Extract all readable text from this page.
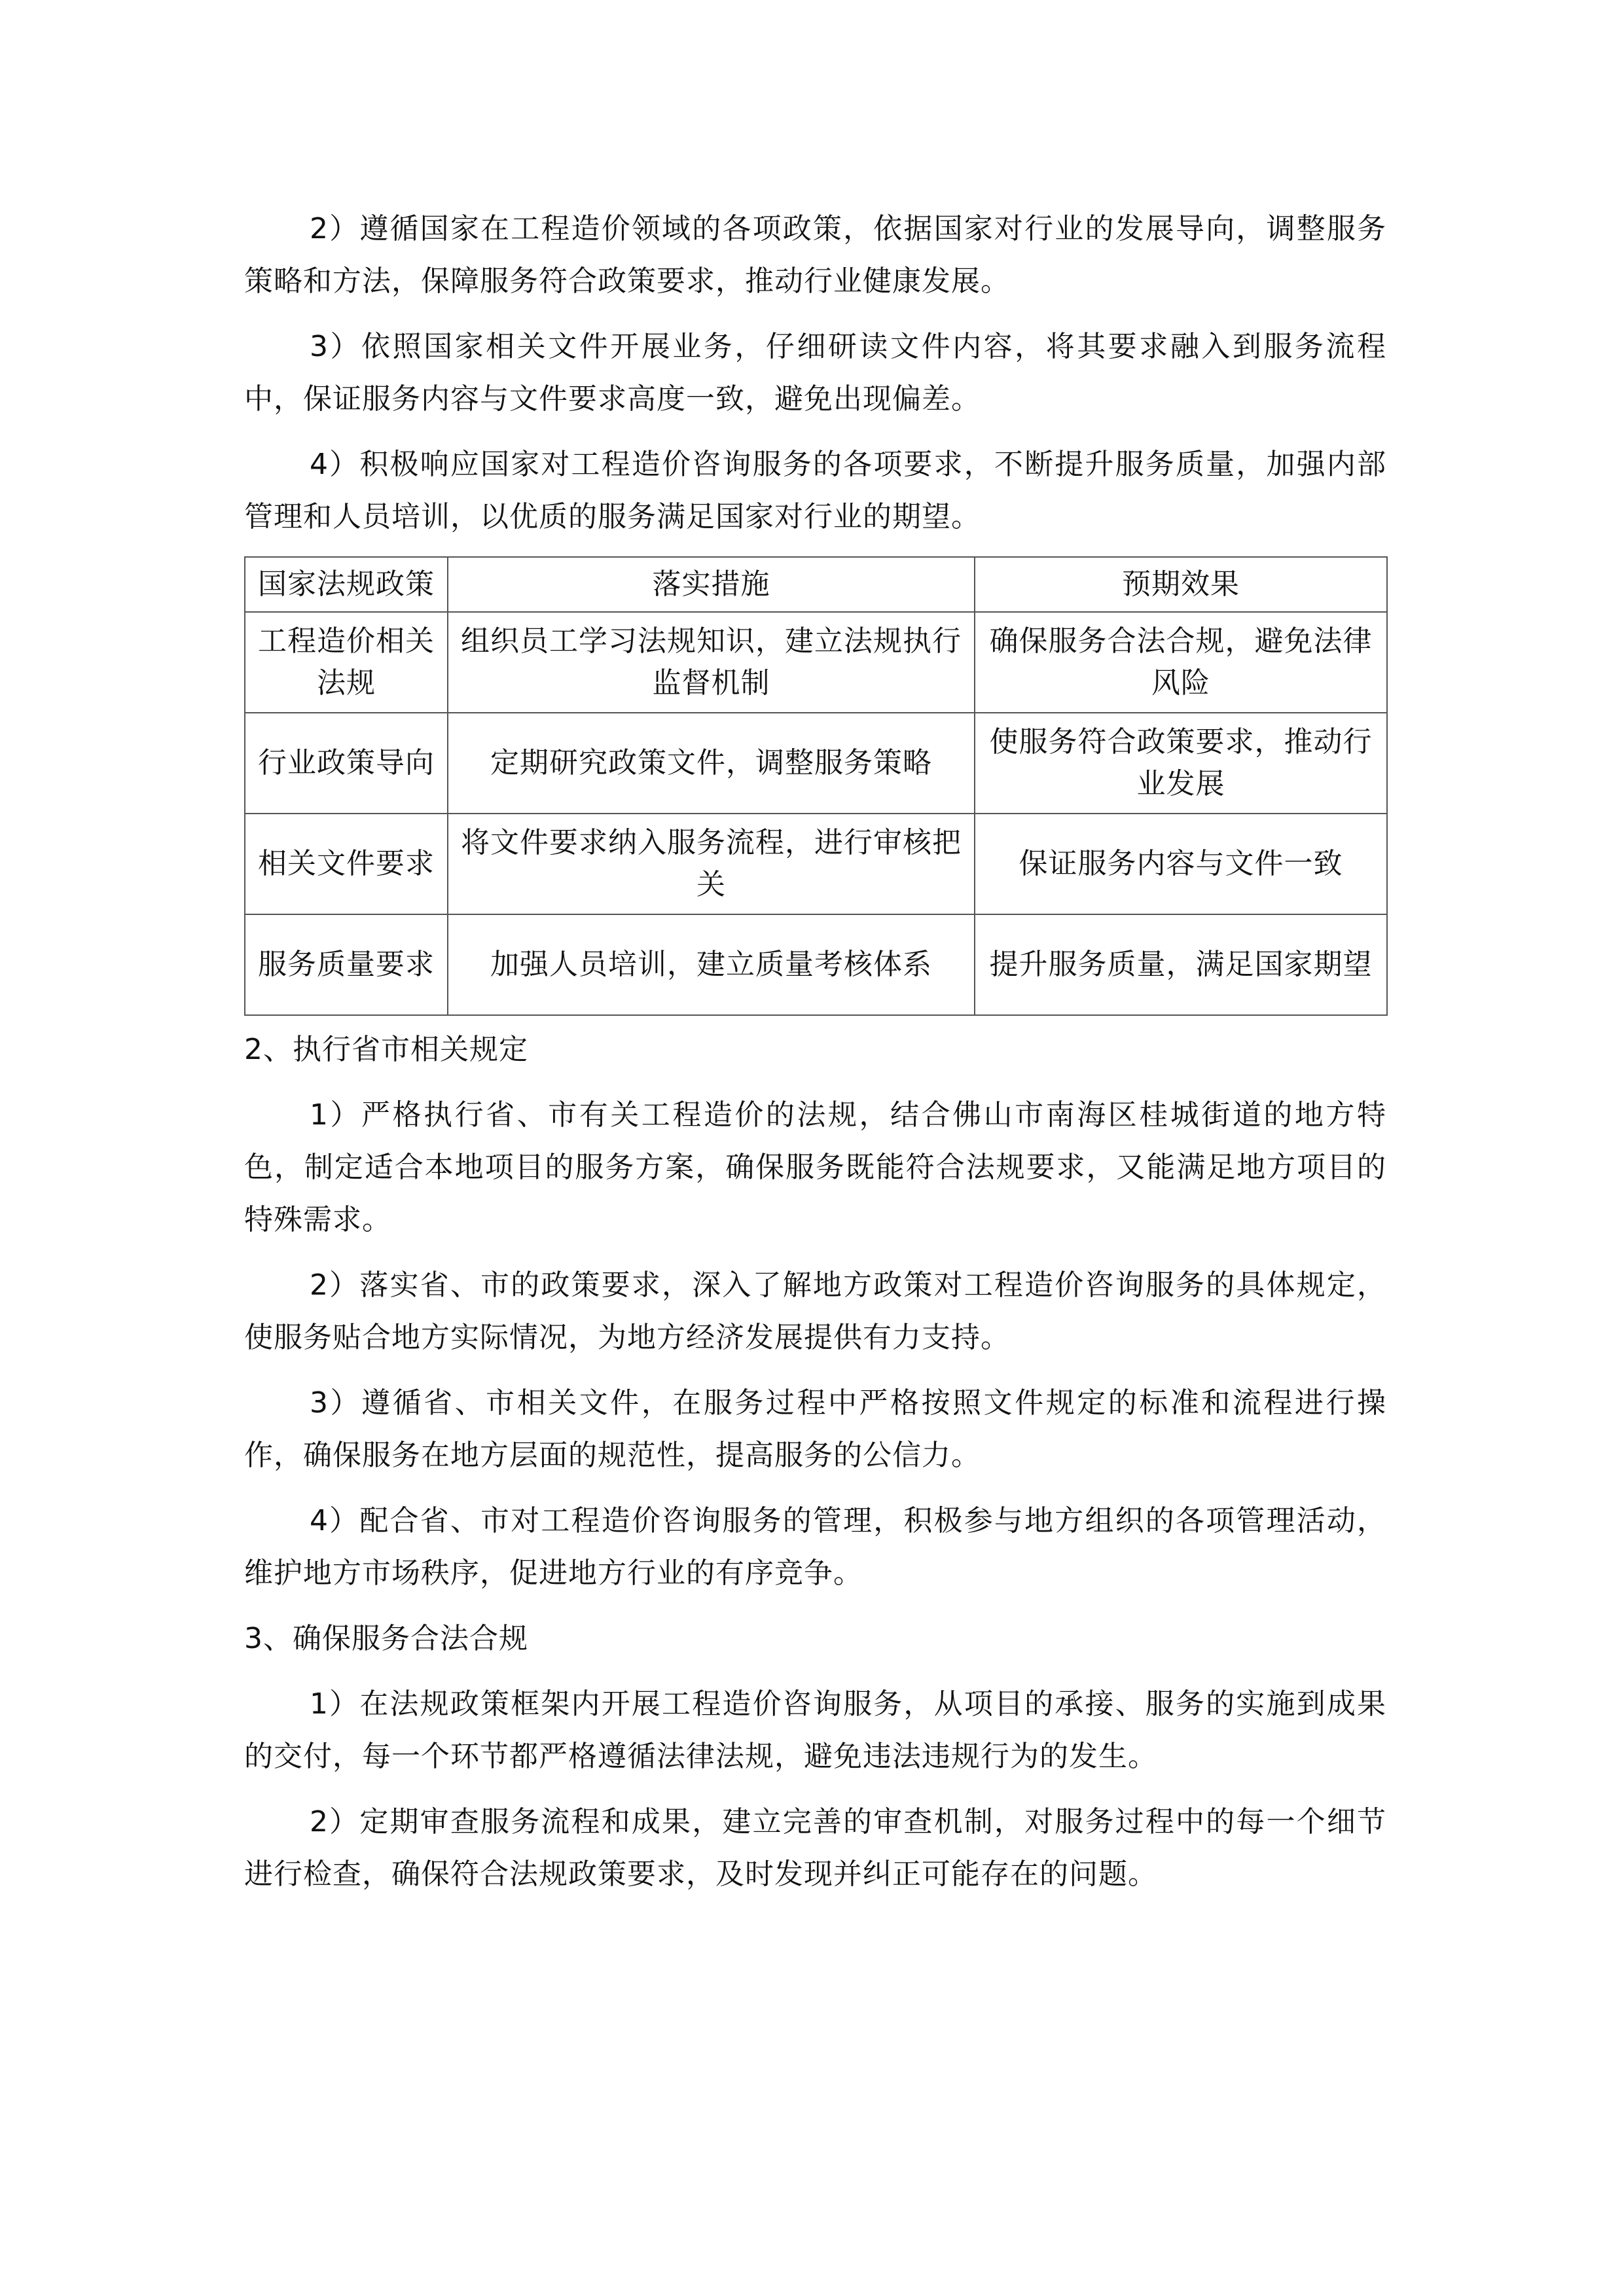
2）遵循国家在工程造价领域的各项政策，依据国家对行业的发展导向，调整服务策略和方法，保障服务符合政策要求，推动行业健康发展。

3）依照国家相关文件开展业务，仔细研读文件内容，将其要求融入到服务流程中，保证服务内容与文件要求高度一致，避免出现偏差。

4）积极响应国家对工程造价咨询服务的各项要求，不断提升服务质量，加强内部管理和人员培训，以优质的服务满足国家对行业的期望。

国家法规政策	落实措施	预期效果
工程造价相关法规	组织员工学习法规知识，建立法规执行监督机制	确保服务合法合规，避免法律风险
行业政策导向	定期研究政策文件，调整服务策略	使服务符合政策要求，推动行业发展
相关文件要求	将文件要求纳入服务流程，进行审核把关	保证服务内容与文件一致
服务质量要求	加强人员培训，建立质量考核体系	提升服务质量，满足国家期望

2、执行省市相关规定

1）严格执行省、市有关工程造价的法规，结合佛山市南海区桂城街道的地方特色，制定适合本地项目的服务方案，确保服务既能符合法规要求，又能满足地方项目的特殊需求。

2）落实省、市的政策要求，深入了解地方政策对工程造价咨询服务的具体规定，使服务贴合地方实际情况，为地方经济发展提供有力支持。

3）遵循省、市相关文件，在服务过程中严格按照文件规定的标准和流程进行操作，确保服务在地方层面的规范性，提高服务的公信力。

4）配合省、市对工程造价咨询服务的管理，积极参与地方组织的各项管理活动，维护地方市场秩序，促进地方行业的有序竞争。

3、确保服务合法合规

1）在法规政策框架内开展工程造价咨询服务，从项目的承接、服务的实施到成果的交付，每一个环节都严格遵循法律法规，避免违法违规行为的发生。

2）定期审查服务流程和成果，建立完善的审查机制，对服务过程中的每一个细节进行检查，确保符合法规政策要求，及时发现并纠正可能存在的问题。
